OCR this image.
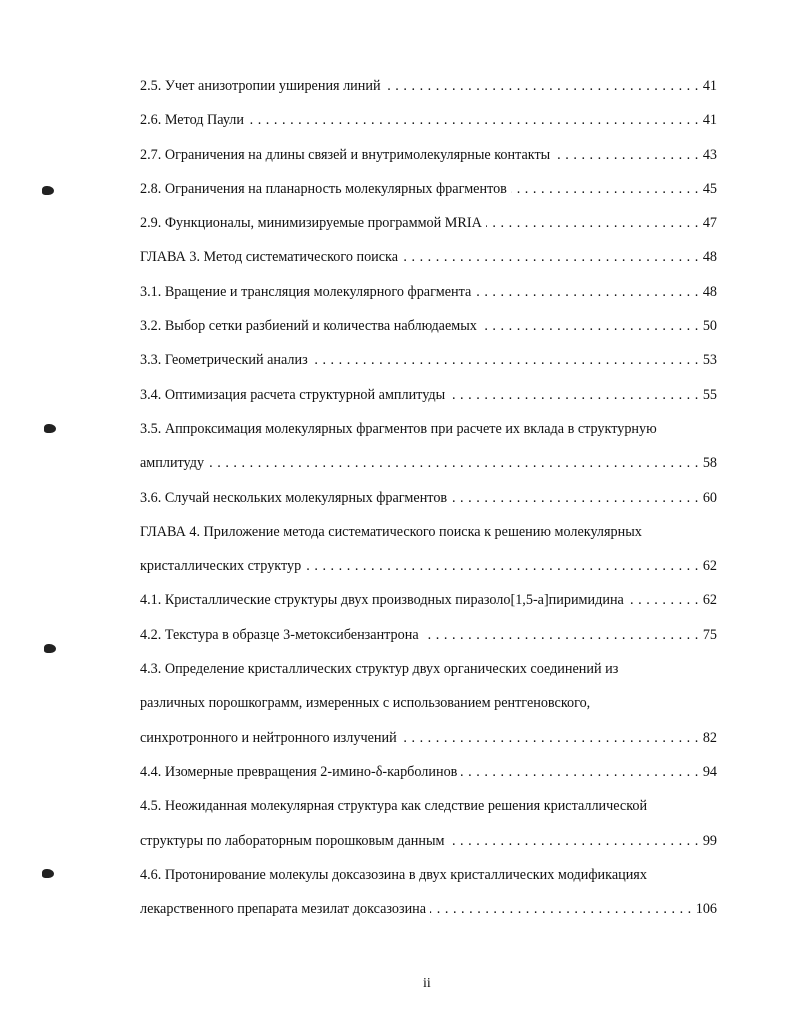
2.5. Учет анизотропии уширения линий . . .	41
2.6. Метод Паули . . .	41
2.7. Ограничения на длины связей и внутримолекулярные контакты . . .	43
2.8. Ограничения на планарность молекулярных фрагментов . . .	45
2.9. Функционалы, минимизируемые программой MRIA . . .	47
ГЛАВА 3. Метод систематического поиска . . .	48
3.1. Вращение и трансляция молекулярного фрагмента . . .	48
3.2. Выбор сетки разбиений и количества наблюдаемых . . .	50
3.3. Геометрический анализ . . .	53
3.4. Оптимизация расчета структурной амплитуды . . .	55
3.5. Аппроксимация молекулярных фрагментов при расчете их вклада в структурную
амплитуду . . .	58
3.6. Случай нескольких молекулярных фрагментов . . .	60
ГЛАВА 4. Приложение метода систематического поиска к решению молекулярных
кристаллических структур . . .	62
4.1. Кристаллические структуры двух производных пиразоло[1,5-a]пиримидина . . .	62
4.2. Текстура в образце 3-метоксибензантрона . . .	75
4.3. Определение кристаллических структур двух органических соединений из
различных порошкограмм, измеренных с использованием рентгеновского,
синхротронного и нейтронного излучений . . .	82
4.4. Изомерные превращения 2-имино-δ-карболинов . . .	94
4.5. Неожиданная молекулярная структура как следствие решения кристаллической
структуры по лабораторным порошковым данным . . .	99
4.6. Протонирование молекулы доксазозина в двух кристаллических модификациях
лекарственного препарата мезилат доксазозина . . .	106
ii
